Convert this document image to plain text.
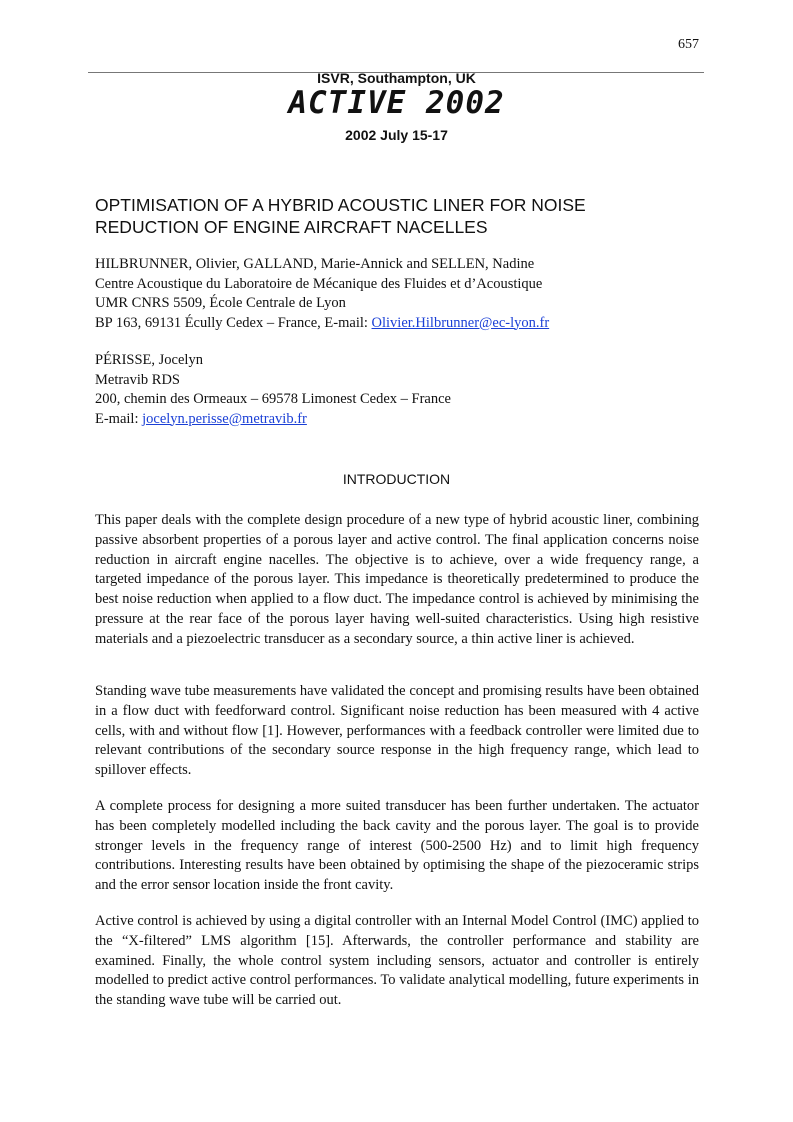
657
ISVR, Southampton, UK
ACTIVE 2002
2002 July 15-17
OPTIMISATION OF A HYBRID ACOUSTIC LINER FOR NOISE
REDUCTION OF ENGINE AIRCRAFT NACELLES
HILBRUNNER, Olivier, GALLAND, Marie-Annick and SELLEN, Nadine
Centre Acoustique du Laboratoire de Mécanique des Fluides et d’Acoustique
UMR CNRS 5509, École Centrale de Lyon
BP 163, 69131 Écully Cedex – France, E-mail: Olivier.Hilbrunner@ec-lyon.fr
PÉRISSE, Jocelyn
Metravib RDS
200, chemin des Ormeaux – 69578 Limonest Cedex – France
E-mail: jocelyn.perisse@metravib.fr
INTRODUCTION

This paper deals with the complete design procedure of a new type of hybrid acoustic liner, combining passive absorbent properties of a porous layer and active control. The final application concerns noise reduction in aircraft engine nacelles. The objective is to achieve, over a wide frequency range, a targeted impedance of the porous layer. This impedance is theoretically predetermined to produce the best noise reduction when applied to a flow duct. The impedance control is achieved by minimising the pressure at the rear face of the porous layer having well-suited characteristics. Using high resistive materials and a piezoelectric transducer as a secondary source, a thin active liner is achieved.

Standing wave tube measurements have validated the concept and promising results have been obtained in a flow duct with feedforward control. Significant noise reduction has been measured with 4 active cells, with and without flow [1]. However, performances with a feedback controller were limited due to relevant contributions of the secondary source response in the high frequency range, which lead to spillover effects.

A complete process for designing a more suited transducer has been further undertaken. The actuator has been completely modelled including the back cavity and the porous layer. The goal is to provide stronger levels in the frequency range of interest (500-2500 Hz) and to limit high frequency contributions. Interesting results have been obtained by optimising the shape of the piezoceramic strips and the error sensor location inside the front cavity.

Active control is achieved by using a digital controller with an Internal Model Control (IMC) applied to the “X-filtered” LMS algorithm [15]. Afterwards, the controller performance and stability are examined. Finally, the whole control system including sensors, actuator and controller is entirely modelled to predict active control performances. To validate analytical modelling, future experiments in the standing wave tube will be carried out.
